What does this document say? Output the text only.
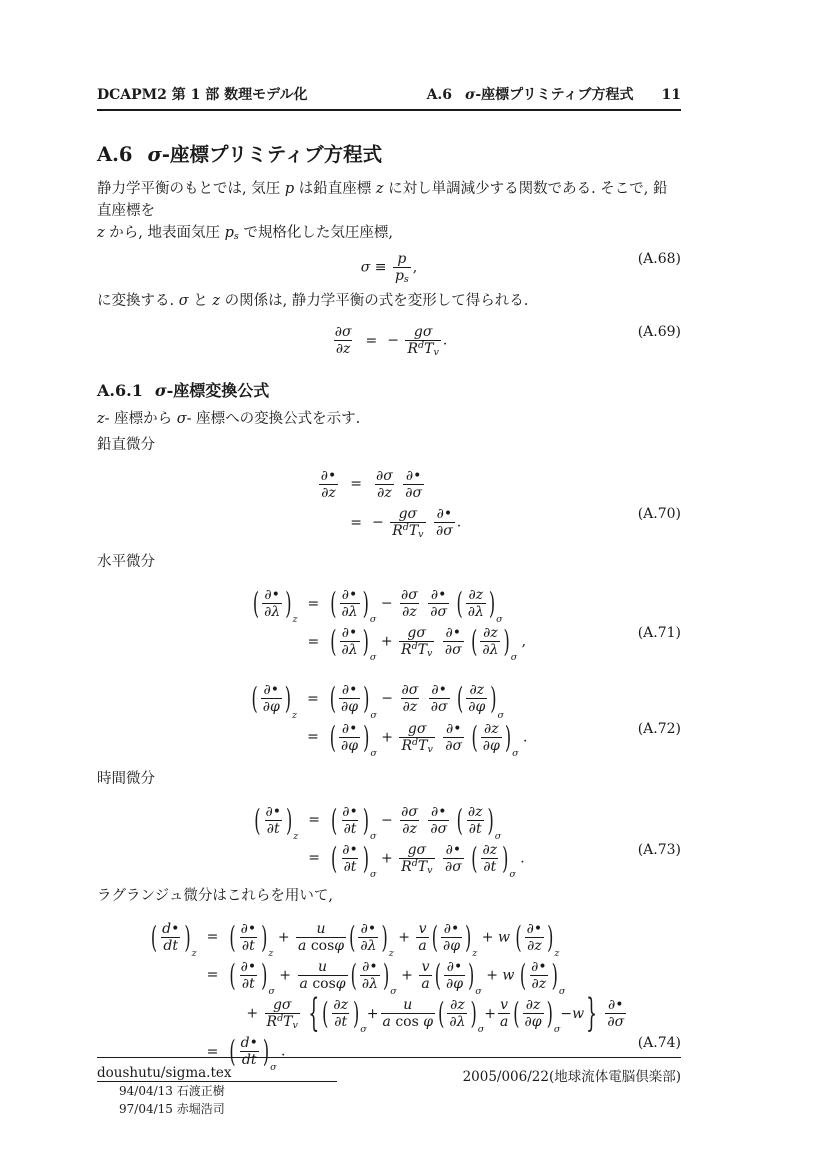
DCAPM2 第 1 部 数理モデル化	A.6 σ-座標プリミティブ方程式 11
A.6 σ-座標プリミティブ方程式

静力学平衡のもとでは, 気圧 p は鉛直座標 z に対し単調減少する関数である. そこで, 鉛直座標を

z から, 地表面気圧 $p_s$ で規格化した気圧座標,

$\sigma \equiv \frac{p}{p_s}$ ,
(A.68)

に変換する. σ と z の関係は, 静力学平衡の式を変形して得られる.

$\frac{\partial\sigma}{\partial z}$	=	−
gσ
$R^dT_v$
.
(A.69)
A.6.1 σ-座標変換公式

z- 座標から σ- 座標への変換公式を示す.

鉛直微分

∂•
∂z
	=	$\frac{\partial\sigma}{\partial z}$
∂•
∂σ

	=	−
gσ
$R^dT_v$

∂•
∂σ
.
(A.70)

水平微分

( ∂•
∂λ ) z
	=	( ∂•
∂λ ) σ
− $\frac{\partial\sigma}{\partial z}$
∂•
∂σ
( $\frac{\partial z}{\partial\lambda}$ ) σ

	=	( ∂•
∂λ ) σ
+
gσ
$R^dT_v$

∂•
∂σ
( $\frac{\partial z}{\partial\lambda}$ ) σ
,
(A.71)
( ∂•
∂φ ) z
	=	( ∂•
∂φ ) σ
− $\frac{\partial\sigma}{\partial z}$
∂•
∂σ
( $\frac{\partial z}{\partial\varphi}$ ) σ

	=	( ∂•
∂φ ) σ
+
gσ
$R^dT_v$

∂•
∂σ
( $\frac{\partial z}{\partial\varphi}$ ) σ
.
(A.72)

時間微分

( ∂•
∂t ) z
	=	( ∂•
∂t ) σ
− $\frac{\partial\sigma}{\partial z}$
∂•
∂σ
( $\frac{\partial z}{\partial t}$ ) σ

	=	( ∂•
∂t ) σ
+
gσ
$R^dT_v$

∂•
∂σ
( $\frac{\partial z}{\partial t}$ ) σ
.
(A.73)

ラグランジュ微分はこれらを用いて,

( $\frac{d•}{dt}$ ) z
	=	( ∂•
∂t ) z
+ $\frac{u}{\text{a cosφ}}$ ( ∂•
∂λ ) z
+ $\frac{v}{a}$ ( ∂•
∂φ ) z
+ w ( ∂•
∂z ) z

	=	( ∂•
∂t ) σ
+ $\frac{u}{\text{a cosφ}}$ ( ∂•
∂λ ) σ
+ $\frac{v}{a}$ ( ∂•
∂φ ) σ
+ w ( ∂•
∂z ) σ

		+
gσ
$R^dT_v$
{ ( $\frac{\partial z}{\partial t}$ ) σ
+ $\frac{u}{\text{a cos φ}}$ ( $\frac{\partial z}{\partial\lambda}$ ) σ
+ $\frac{v}{a}$ ( $\frac{\partial z}{\partial\varphi}$ ) σ
− w }
∂•
∂σ

	=	( $\frac{d•}{dt}$ ) σ
.
(A.74)

94/04/13 石渡正樹

97/04/15 赤堀浩司

doushutu/sigma.tex	2005/006/22(地球流体電脳倶楽部)
